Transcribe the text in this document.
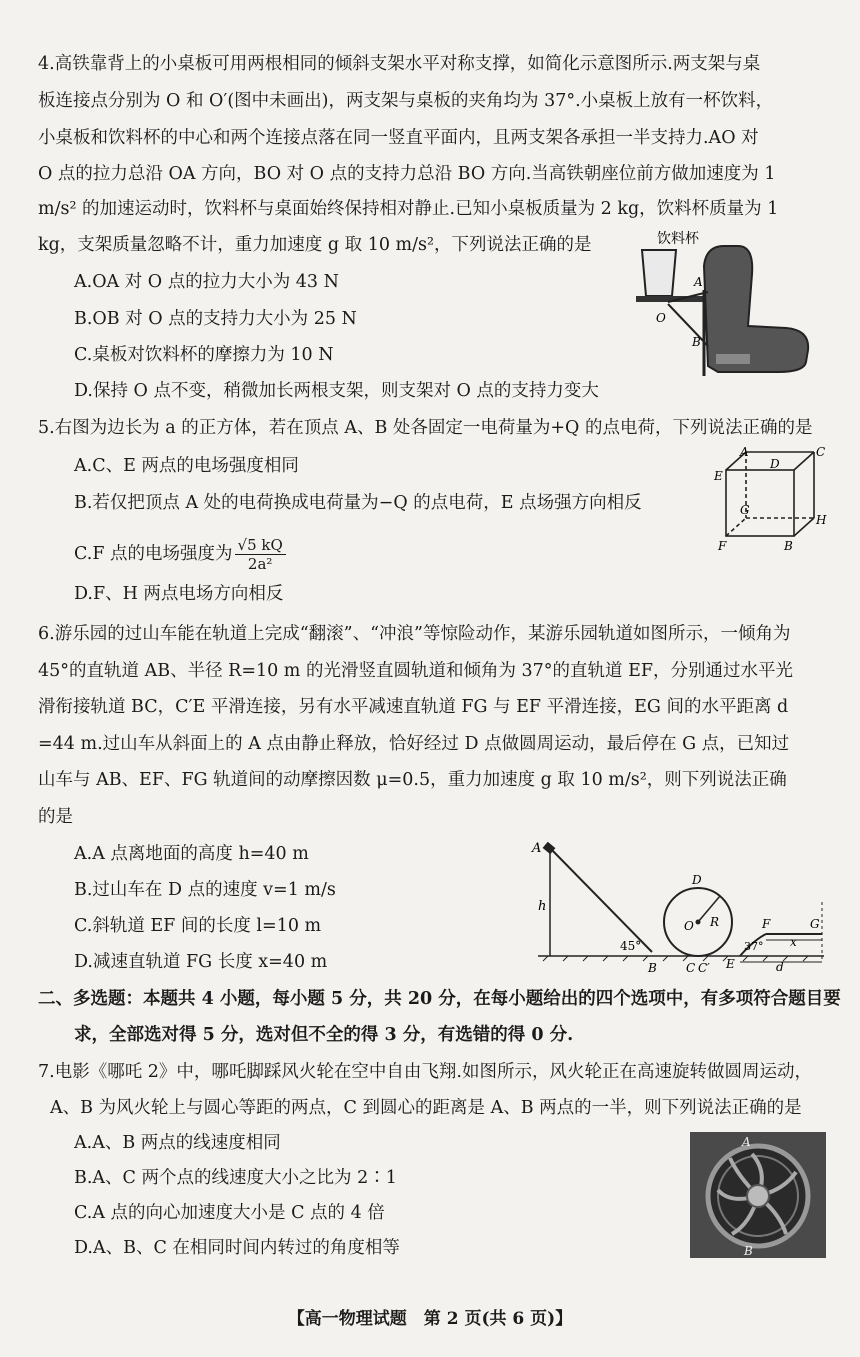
4.高铁靠背上的小桌板可用两根相同的倾斜支架水平对称支撑，如简化示意图所示.两支架与桌
板连接点分别为 O 和 O′(图中未画出)，两支架与桌板的夹角均为 37°.小桌板上放有一杯饮料，
小桌板和饮料杯的中心和两个连接点落在同一竖直平面内，且两支架各承担一半支持力.AO 对
O 点的拉力总沿 OA 方向，BO 对 O 点的支持力总沿 BO 方向.当高铁朝座位前方做加速度为 1
m/s² 的加速运动时，饮料杯与桌面始终保持相对静止.已知小桌板质量为 2 kg，饮料杯质量为 1
kg，支架质量忽略不计，重力加速度 g 取 10 m/s²，下列说法正确的是
A.OA 对 O 点的拉力大小为 43 N
B.OB 对 O 点的支持力大小为 25 N
C.桌板对饮料杯的摩擦力为 10 N
D.保持 O 点不变，稍微加长两根支架，则支架对 O 点的支持力变大
饮料杯
A
O
B
5.右图为边长为 a 的正方体，若在顶点 A、B 处各固定一电荷量为+Q 的点电荷，下列说法正确的是
A.C、E 两点的电场强度相同
B.若仅把顶点 A 处的电荷换成电荷量为−Q 的点电荷，E 点场强方向相反
C.F 点的电场强度为 $\frac{√5 kQ}{\text{2a²}}$
D.F、H 两点电场方向相反
A
D
C
E
G
H
F	B
6.游乐园的过山车能在轨道上完成“翻滚”、“冲浪”等惊险动作，某游乐园轨道如图所示，一倾角为
45°的直轨道 AB、半径 R=10 m 的光滑竖直圆轨道和倾角为 37°的直轨道 EF，分别通过水平光
滑衔接轨道 BC，C′E 平滑连接，另有水平减速直轨道 FG 与 EF 平滑连接，EG 间的水平距离 d
=44 m.过山车从斜面上的 A 点由静止释放，恰好经过 D 点做圆周运动，最后停在 G 点，已知过
山车与 AB、EF、FG 轨道间的动摩擦因数 μ=0.5，重力加速度 g 取 10 m/s²，则下列说法正确
的是
A.A 点离地面的高度 h=40 m
B.过山车在 D 点的速度 v=1 m/s
C.斜轨道 EF 间的长度 l=10 m
D.减速直轨道 FG 长度 x=40 m
A
h
45°
B
D
O R
C C′ E
F	G
37° x
d
二、多选题：本题共 4 小题，每小题 5 分，共 20 分，在每小题给出的四个选项中，有多项符合题目要
求，全部选对得 5 分，选对但不全的得 3 分，有选错的得 0 分.
7.电影《哪吒 2》中，哪吒脚踩风火轮在空中自由飞翔.如图所示，风火轮正在高速旋转做圆周运动，
A、B 为风火轮上与圆心等距的两点，C 到圆心的距离是 A、B 两点的一半，则下列说法正确的是
A.A、B 两点的线速度相同
B.A、C 两个点的线速度大小之比为 2∶1
C.A 点的向心加速度大小是 C 点的 4 倍
D.A、B、C 在相同时间内转过的角度相等
A
B
【高一物理试题　第 2 页(共 6 页)】
